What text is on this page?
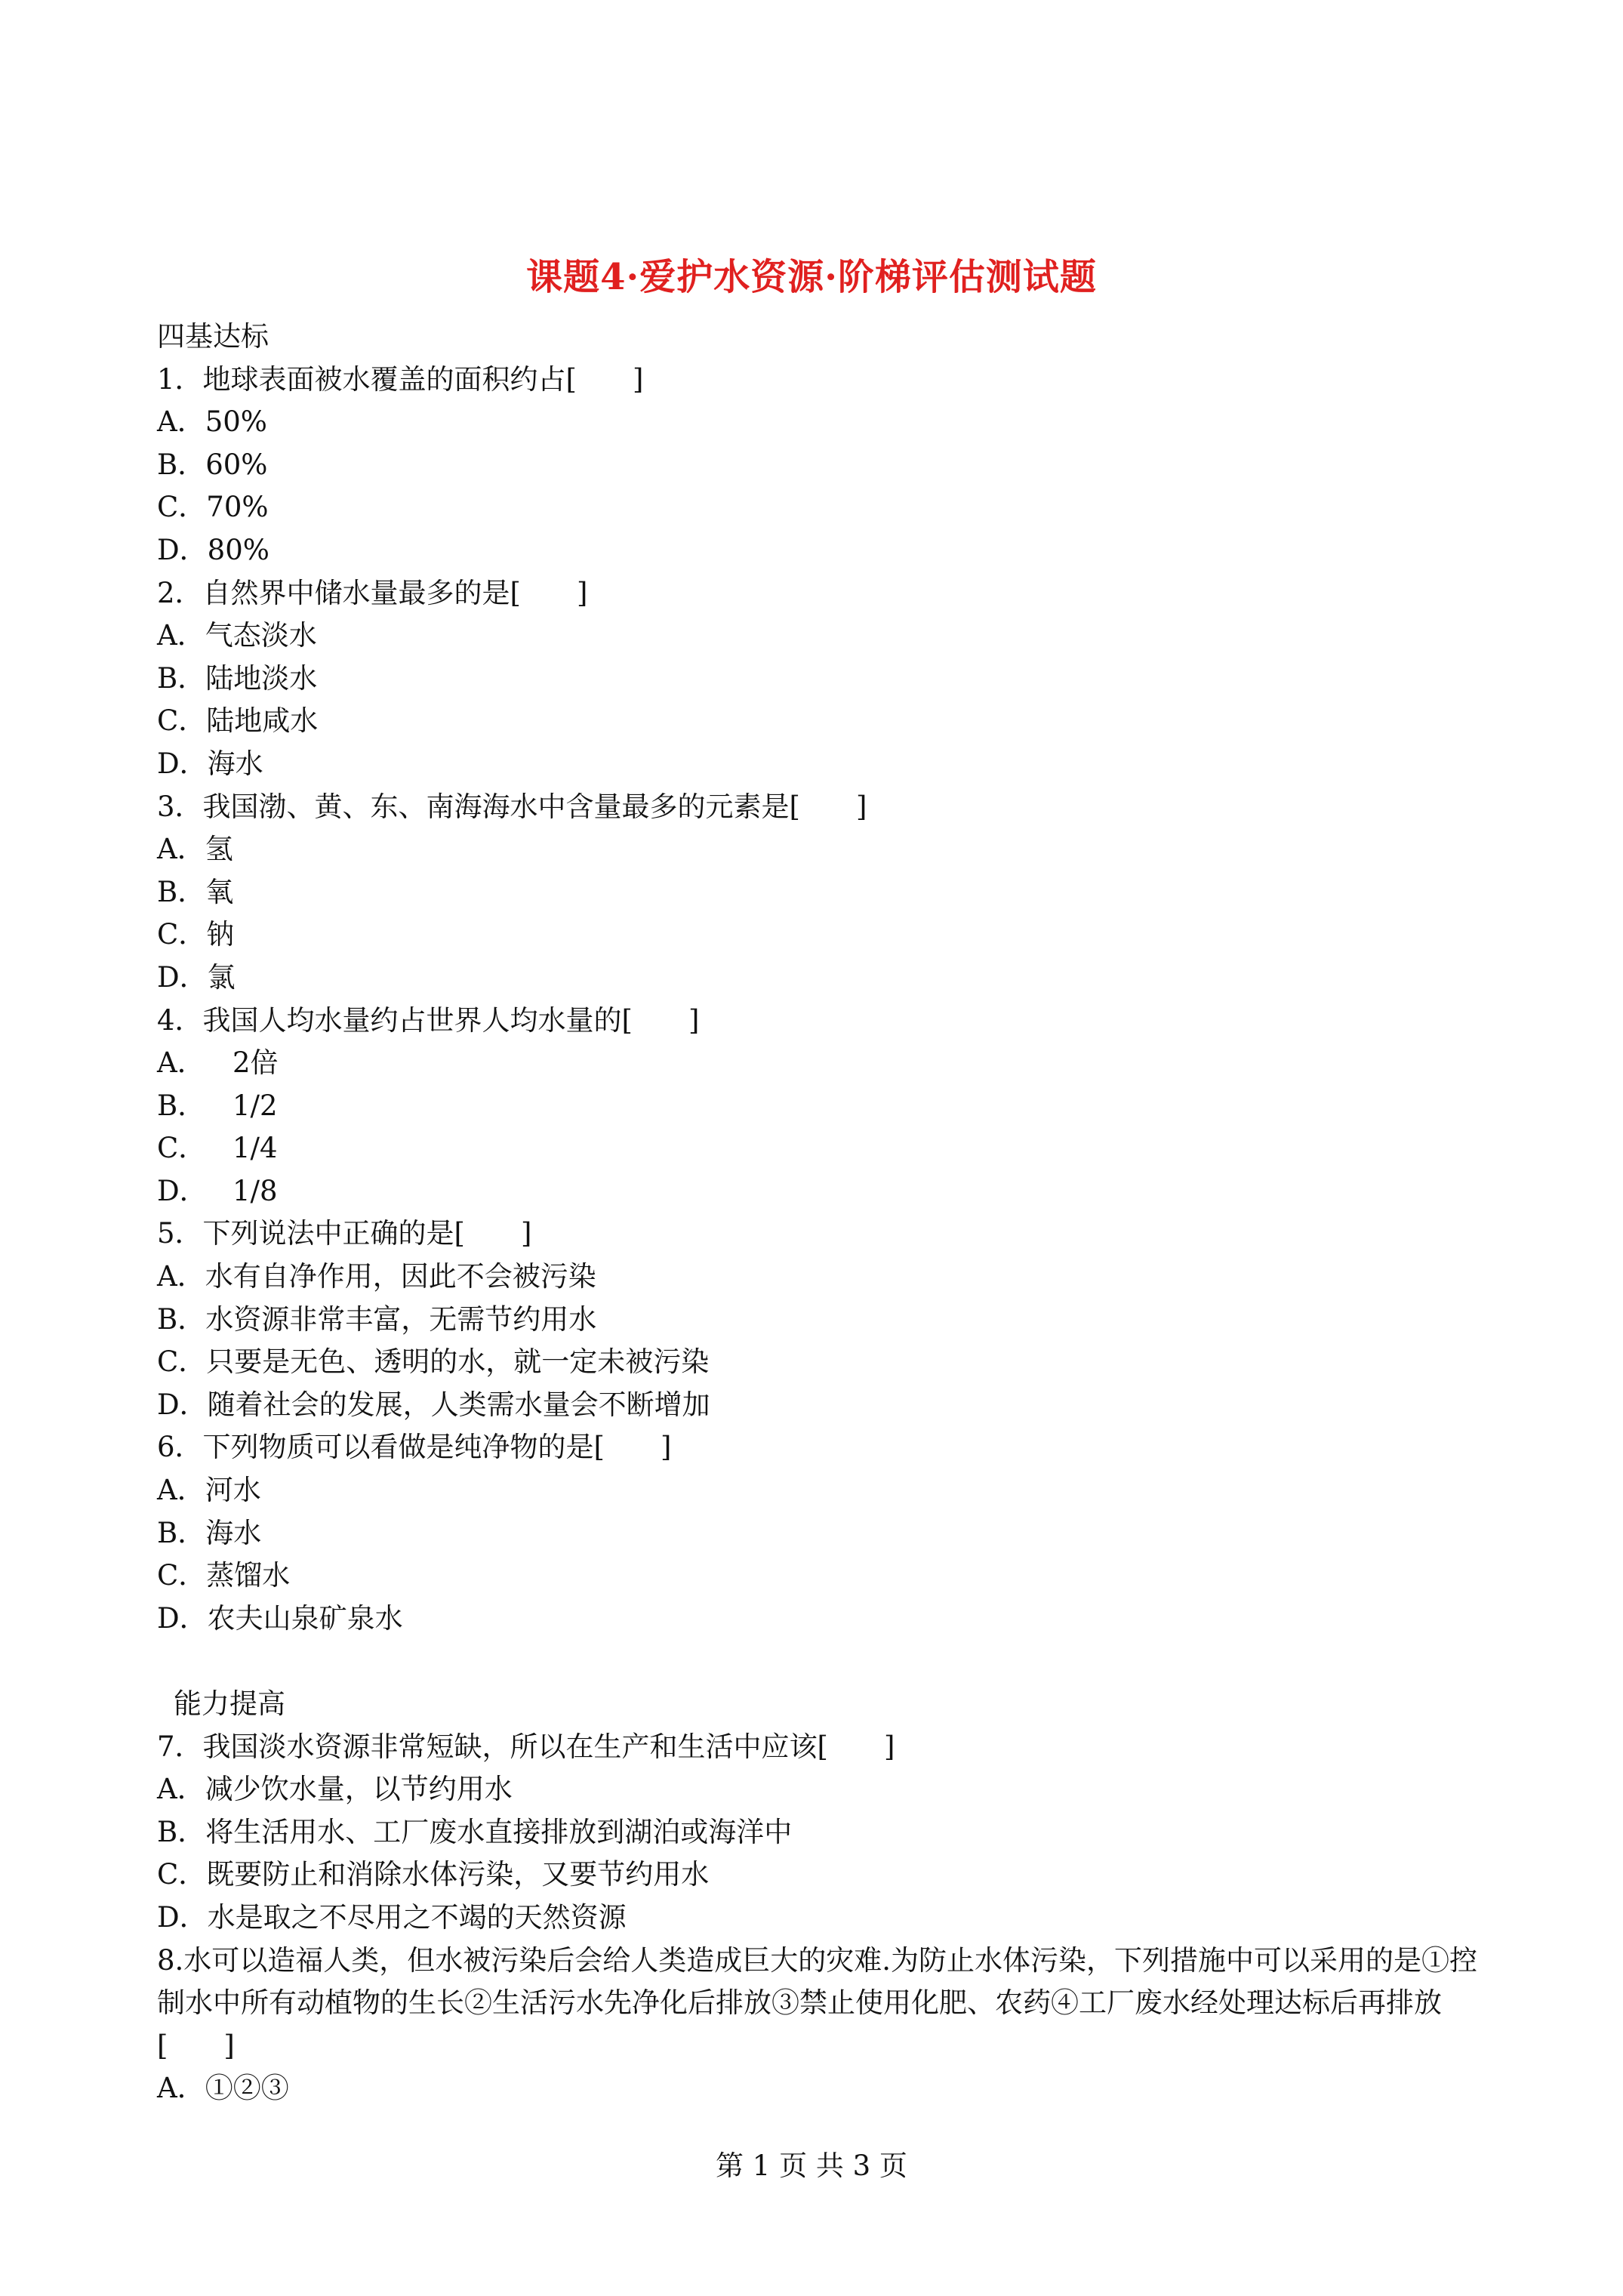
课题4·爱护水资源·阶梯评估测试题
四基达标
1．地球表面被水覆盖的面积约占[　　]
A．50%
B．60%
C．70%
D．80%
2．自然界中储水量最多的是[　　]
A．气态淡水
B．陆地淡水
C．陆地咸水
D．海水
3．我国渤、黄、东、南海海水中含量最多的元素是[　　]
A．氢
B．氧
C．钠
D．氯
4．我国人均水量约占世界人均水量的[　　]
A． 2倍
B． 1/2
C． 1/4
D． 1/8
5．下列说法中正确的是[　　]
A．水有自净作用，因此不会被污染
B．水资源非常丰富，无需节约用水
C．只要是无色、透明的水，就一定未被污染
D．随着社会的发展，人类需水量会不断增加
6．下列物质可以看做是纯净物的是[　　]
A．河水
B．海水
C．蒸馏水
D．农夫山泉矿泉水
能力提高
7．我国淡水资源非常短缺，所以在生产和生活中应该[　　]
A．减少饮水量，以节约用水
B．将生活用水、工厂废水直接排放到湖泊或海洋中
C．既要防止和消除水体污染，又要节约用水
D．水是取之不尽用之不竭的天然资源
8.水可以造福人类，但水被污染后会给人类造成巨大的灾难.为防止水体污染，下列措施中可以采用的是①控制水中所有动植物的生长②生活污水先净化后排放③禁止使用化肥、农药④工厂废水经处理达标后再排放[　　]
A．①②③
第 1 页 共 3 页
